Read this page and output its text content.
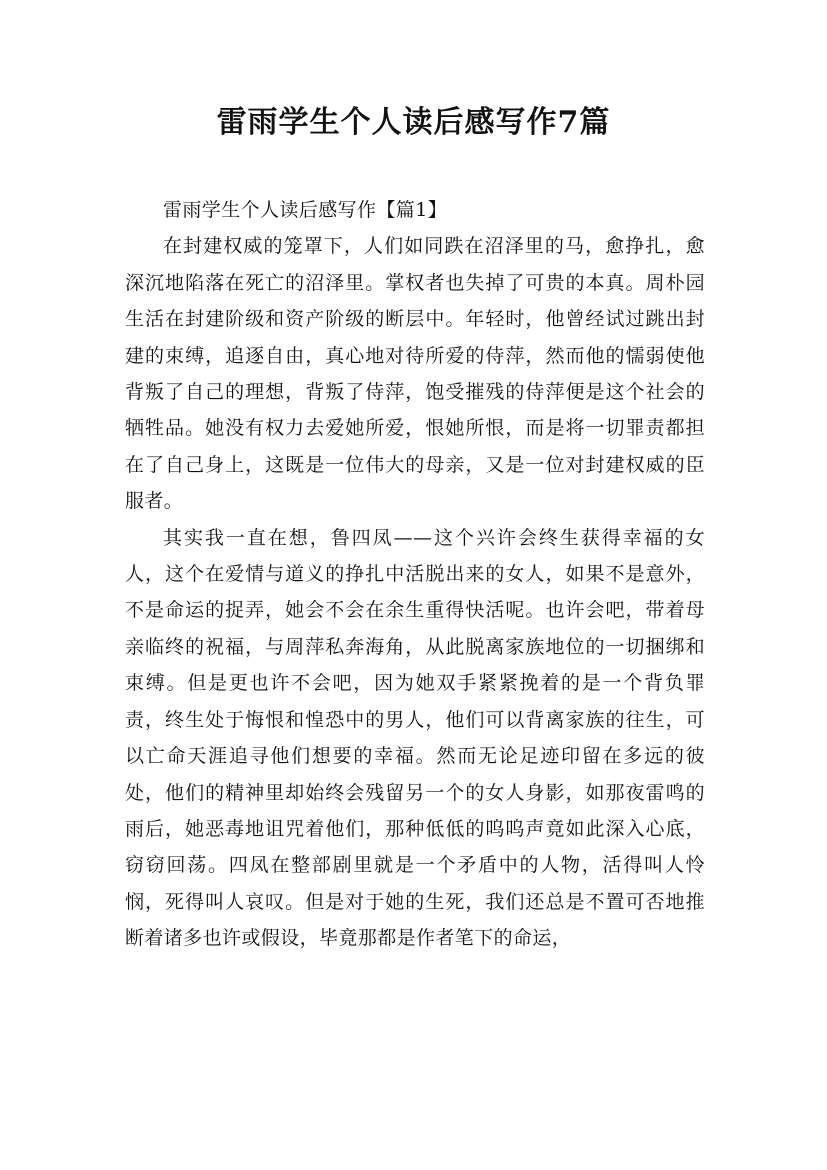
雷雨学生个人读后感写作7篇

雷雨学生个人读后感写作【篇1】

在封建权威的笼罩下，人们如同跌在沼泽里的马，愈挣扎，愈深沉地陷落在死亡的沼泽里。掌权者也失掉了可贵的本真。周朴园生活在封建阶级和资产阶级的断层中。年轻时，他曾经试过跳出封建的束缚，追逐自由，真心地对待所爱的侍萍，然而他的懦弱使他背叛了自己的理想，背叛了侍萍，饱受摧残的侍萍便是这个社会的牺牲品。她没有权力去爱她所爱，恨她所恨，而是将一切罪责都担在了自己身上，这既是一位伟大的母亲，又是一位对封建权威的臣服者。

其实我一直在想，鲁四凤——这个兴许会终生获得幸福的女人，这个在爱情与道义的挣扎中活脱出来的女人，如果不是意外，不是命运的捉弄，她会不会在余生重得快活呢。也许会吧，带着母亲临终的祝福，与周萍私奔海角，从此脱离家族地位的一切捆绑和束缚。但是更也许不会吧，因为她双手紧紧挽着的是一个背负罪责，终生处于悔恨和惶恐中的男人，他们可以背离家族的往生，可以亡命天涯追寻他们想要的幸福。然而无论足迹印留在多远的彼处，他们的精神里却始终会残留另一个的女人身影，如那夜雷鸣的雨后，她恶毒地诅咒着他们，那种低低的呜呜声竟如此深入心底，窃窃回荡。四凤在整部剧里就是一个矛盾中的人物，活得叫人怜悯，死得叫人哀叹。但是对于她的生死，我们还总是不置可否地推断着诸多也许或假设，毕竟那都是作者笔下的命运，
